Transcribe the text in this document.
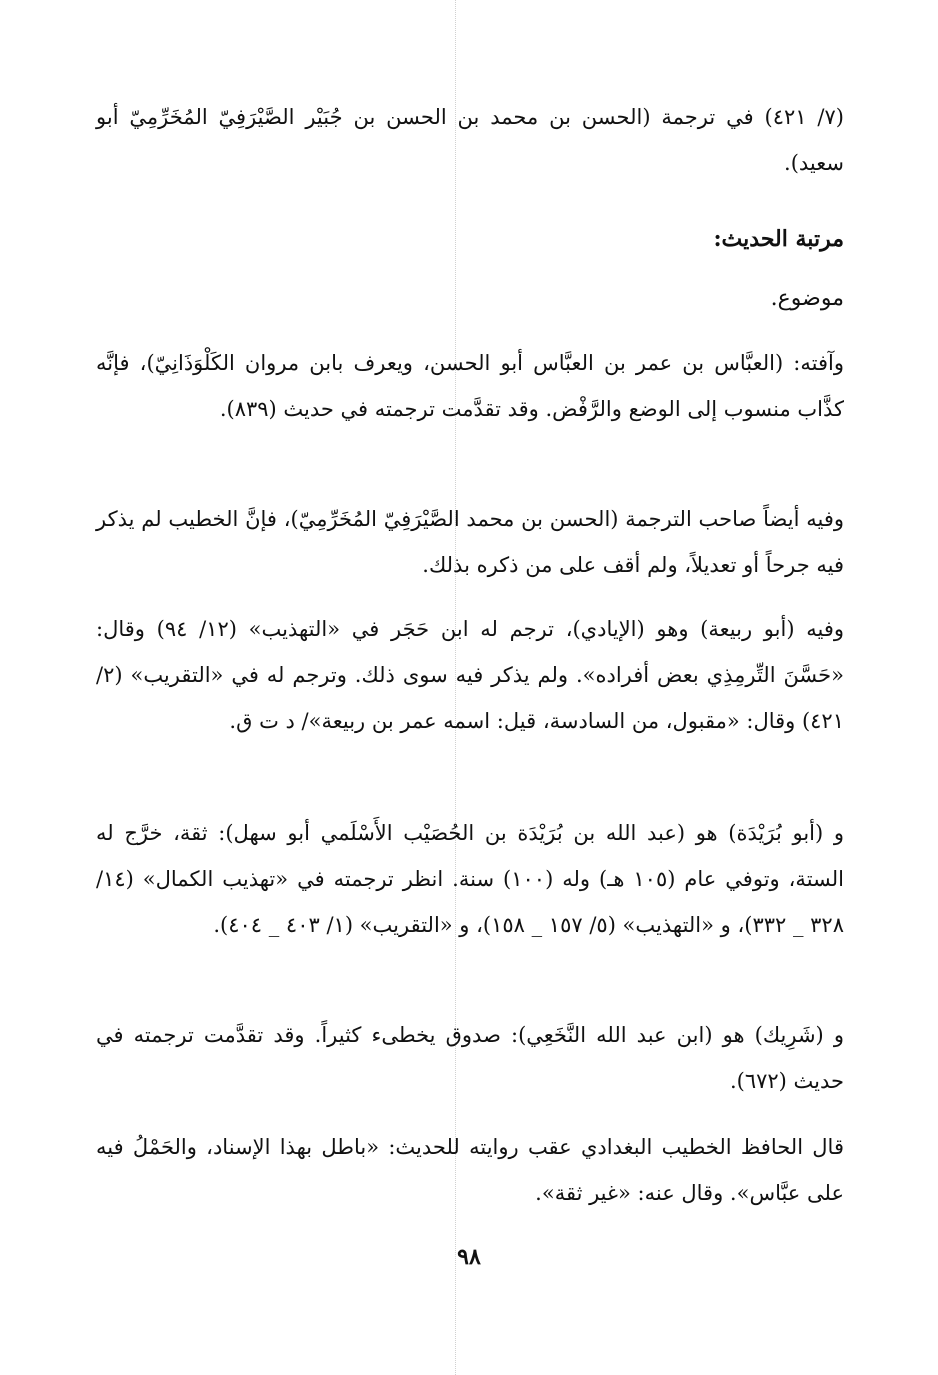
(٧/ ٤٢١) في ترجمة (الحسن بن محمد بن الحسن بن جُبَيْر الصَّيْرَفِيّ المُخَرِّمِيّ أبو سعيد).

مرتبة الحديث:

موضوع.

وآفته: (العبَّاس بن عمر بن العبَّاس أبو الحسن، ويعرف بابن مروان الكَلْوَذَانِيّ)، فإنَّه كذَّاب منسوب إلى الوضع والرَّفْض. وقد تقدَّمت ترجمته في حديث (٨٣٩).

وفيه أيضاً صاحب الترجمة (الحسن بن محمد الصَّيْرَفِيّ المُخَرِّمِيّ)، فإنَّ الخطيب لم يذكر فيه جرحاً أو تعديلاً، ولم أقف على من ذكره بذلك.

وفيه (أبو ربيعة) وهو (الإيادي)، ترجم له ابن حَجَر في «التهذيب» (١٢/ ٩٤) وقال: «حَسَّنَ التِّرمِذِي بعض أفراده». ولم يذكر فيه سوى ذلك. وترجم له في «التقريب» (٢/ ٤٢١) وقال: «مقبول، من السادسة، قيل: اسمه عمر بن ربيعة»/ د ت ق.

و (أبو بُرَيْدَة) هو (عبد الله بن بُرَيْدَة بن الحُصَيْب الأَسْلَمي أبو سهل): ثقة، خرَّج له الستة، وتوفي عام (١٠٥ هـ) وله (١٠٠) سنة. انظر ترجمته في «تهذيب الكمال» (١٤/ ٣٢٨ _ ٣٣٢)، و «التهذيب» (٥/ ١٥٧ _ ١٥٨)، و «التقريب» (١/ ٤٠٣ _ ٤٠٤).

و (شَرِيك) هو (ابن عبد الله النَّخَعِي): صدوق يخطىء كثيراً. وقد تقدَّمت ترجمته في حديث (٦٧٢).

قال الحافظ الخطيب البغدادي عقب روايته للحديث: «باطل بهذا الإسناد، والحَمْلُ فيه على عبَّاس». وقال عنه: «غير ثقة».

٩٨
